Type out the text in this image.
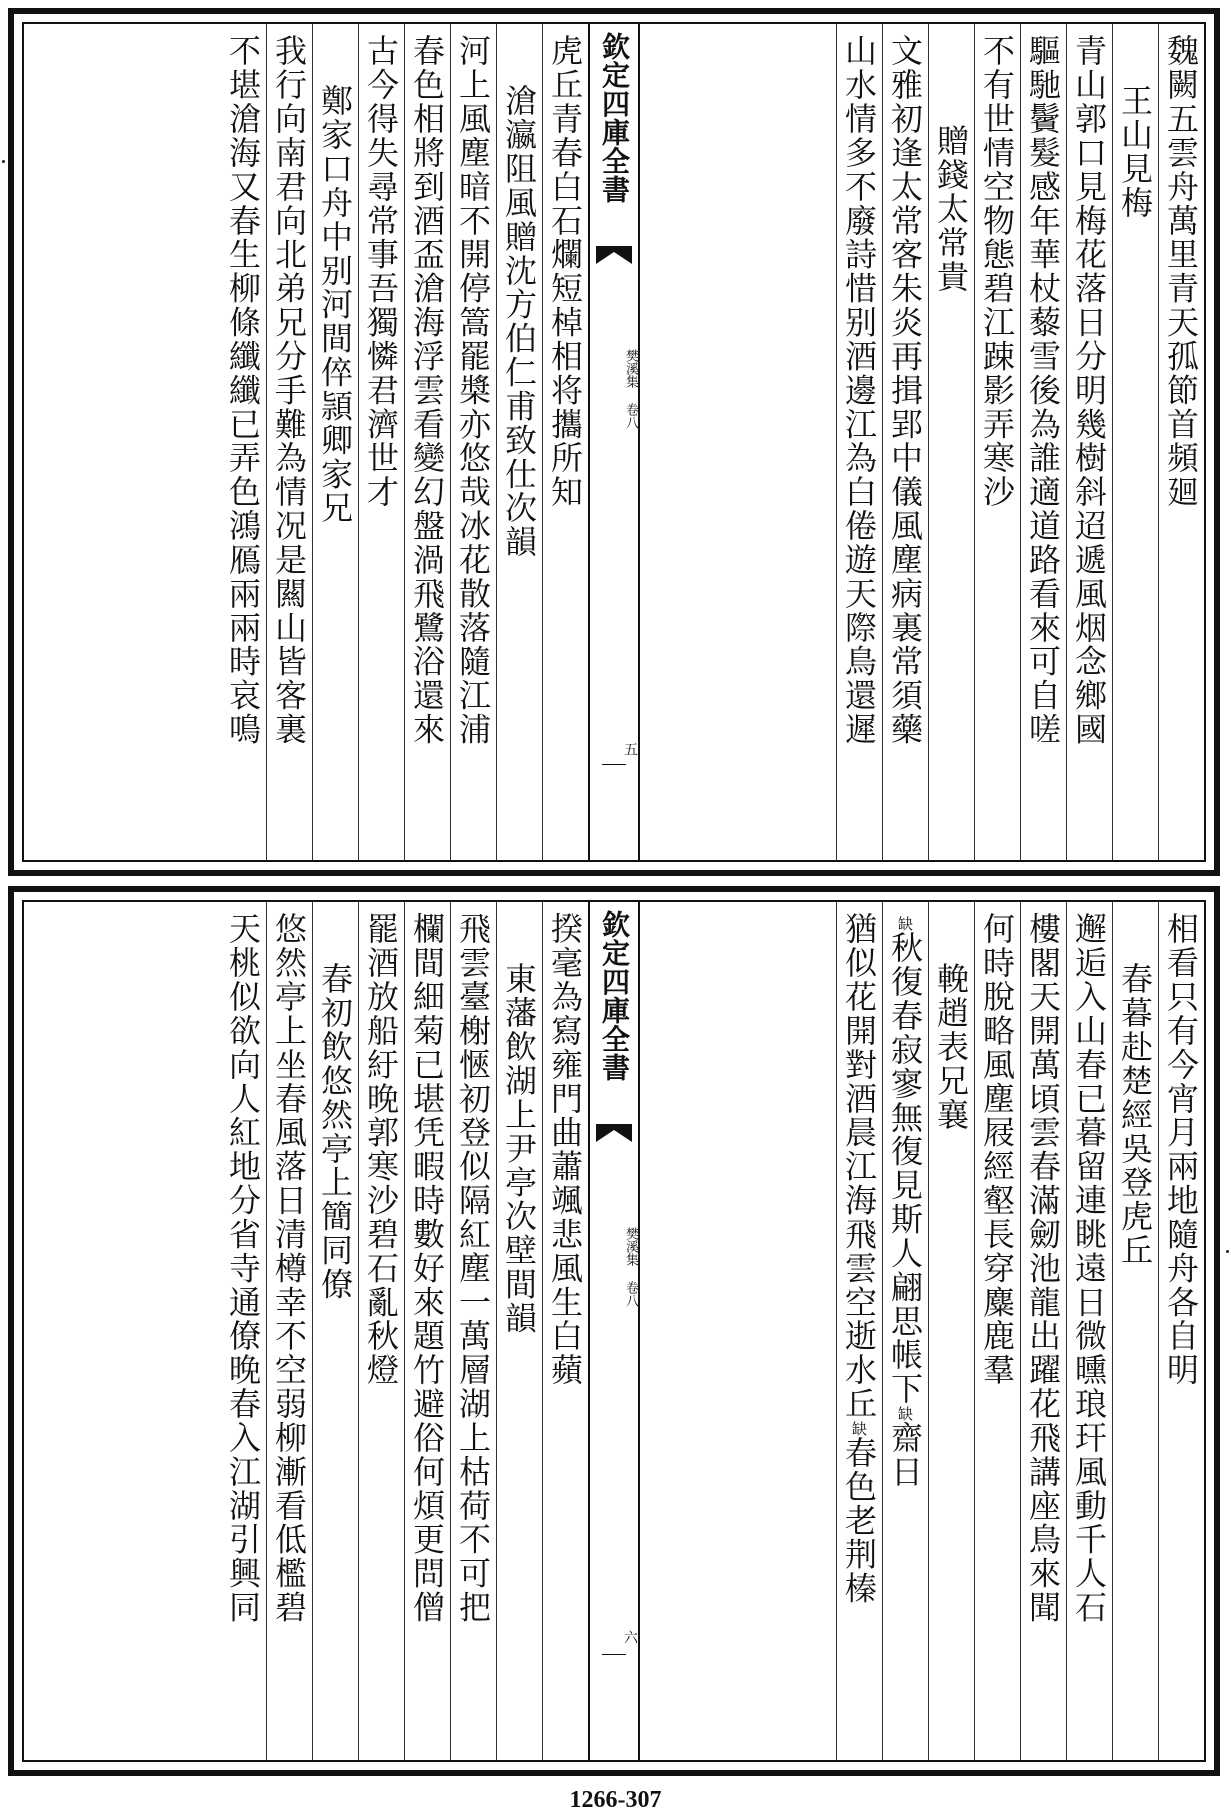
魏闕五雲舟萬里青天孤節首頻廻
王山見梅
青山郭口見梅花落日分明幾樹斜迢遞風烟念鄉國
驅馳鬢髮感年華杖藜雪後為誰適道路看來可自嗟
不有世情空物態碧江踈影弄寒沙
贈錢太常貴
文雅初逢太常客朱炎再揖郢中儀風塵病裏常須藥
山水情多不廢詩惜别酒邊江為白倦遊天際鳥還遲
欽定四庫全書
樊溪集 卷八
五
虎丘青春白石爛短棹相将攜所知
滄瀛阻風贈沈方伯仁甫致仕次韻
河上風塵暗不開停篙罷槳亦悠哉冰花散落隨江浦
春色相將到酒盃滄海浮雲看變幻盤渦飛鷺浴還來
古今得失尋常事吾獨憐君濟世才
鄭家口舟中别河間倅頴卿家兄
我行向南君向北弟兄分手難為情况是闗山皆客裏
不堪滄海又春生柳條纖纖已弄色鴻鴈兩兩時哀鳴
相看只有今宵月兩地隨舟各自明
春暮赴楚經吳登虎丘
邂逅入山春已暮留連眺遠日微曛琅玕風動千人石
樓閣天開萬頃雲春滿劒池龍出躍花飛講座鳥來聞
何時脫略風塵屐經壑長穿麋鹿羣
輓趙表兄襄
缺秋復春寂寥無復見斯人翩思帳下缺齋日
猶似花開對酒晨江海飛雲空逝水丘缺春色老荆榛
欽定四庫全書
樊溪集 卷八
六
揆毫為寫雍門曲蕭颯悲風生白蘋
東藩飲湖上尹亭次壁間韻
飛雲臺榭愜初登似隔紅塵一萬層湖上枯荷不可把
欄間細菊已堪凭暇時數好來題竹避俗何煩更問僧
罷酒放船紆晚郭寒沙碧石亂秋燈
春初飲悠然亭上簡同僚
悠然亭上坐春風落日清樽幸不空弱柳漸看低檻碧
天桃似欲向人紅地分省寺通僚晚春入江湖引興同
1266-307
